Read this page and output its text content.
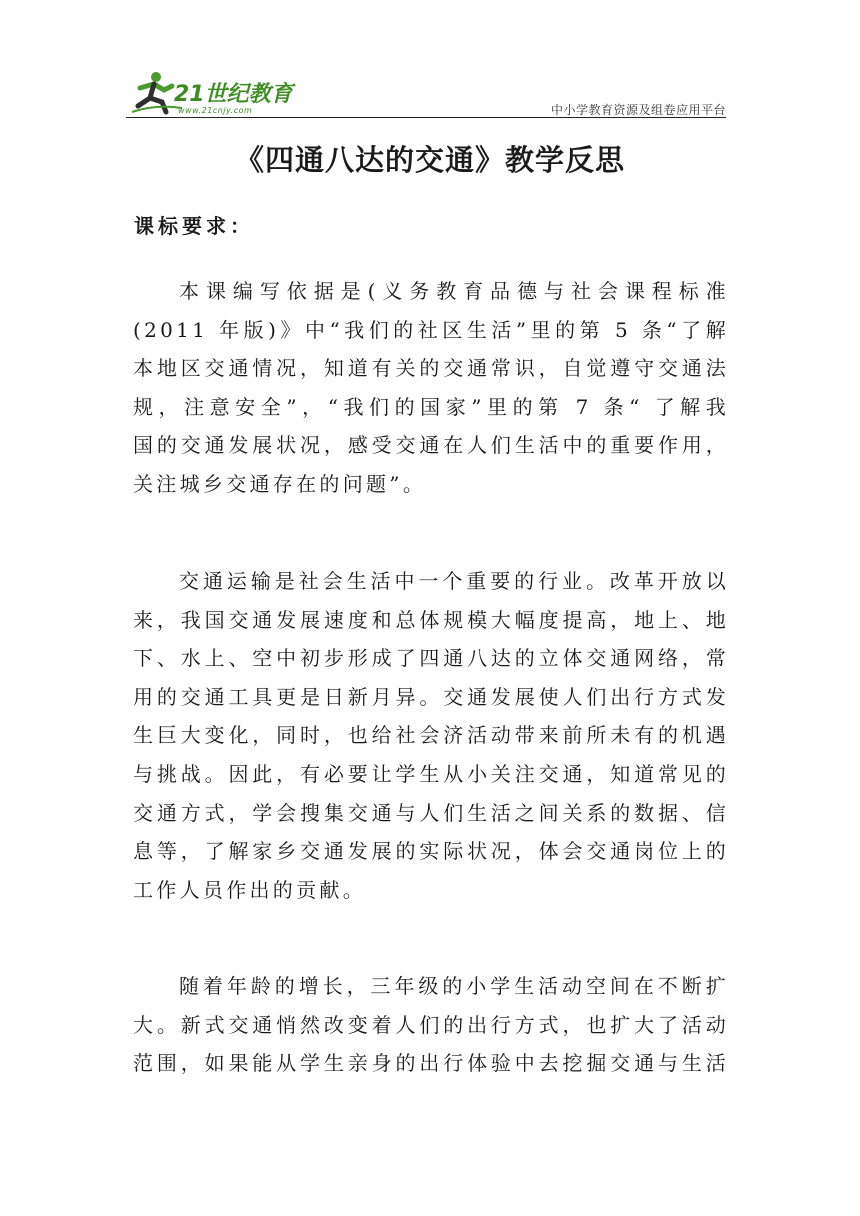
21世纪教育
www.21cnjy.com	中小学教育资源及组卷应用平台
《四通八达的交通》教学反思
课标要求：
本课编写依据是(义务教育品德与社会课程标准
(2011 年版)》中“我们的社区生活”里的第 5 条“了解
本地区交通情况，知道有关的交通常识，自觉遵守交通法
规，注意安全”，“我们的国家”里的第 7 条“ 了解我
国的交通发展状况，感受交通在人们生活中的重要作用，
关注城乡交通存在的问题”。
交通运输是社会生活中一个重要的行业。改革开放以
来，我国交通发展速度和总体规模大幅度提高，地上、地
下、水上、空中初步形成了四通八达的立体交通网络，常
用的交通工具更是日新月异。交通发展使人们出行方式发
生巨大变化，同时，也给社会济活动带来前所未有的机遇
与挑战。因此，有必要让学生从小关注交通，知道常见的
交通方式，学会搜集交通与人们生活之间关系的数据、信
息等，了解家乡交通发展的实际状况，体会交通岗位上的
工作人员作出的贡献。
随着年龄的增长，三年级的小学生活动空间在不断扩
大。新式交通悄然改变着人们的出行方式，也扩大了活动
范围，如果能从学生亲身的出行体验中去挖掘交通与生活
